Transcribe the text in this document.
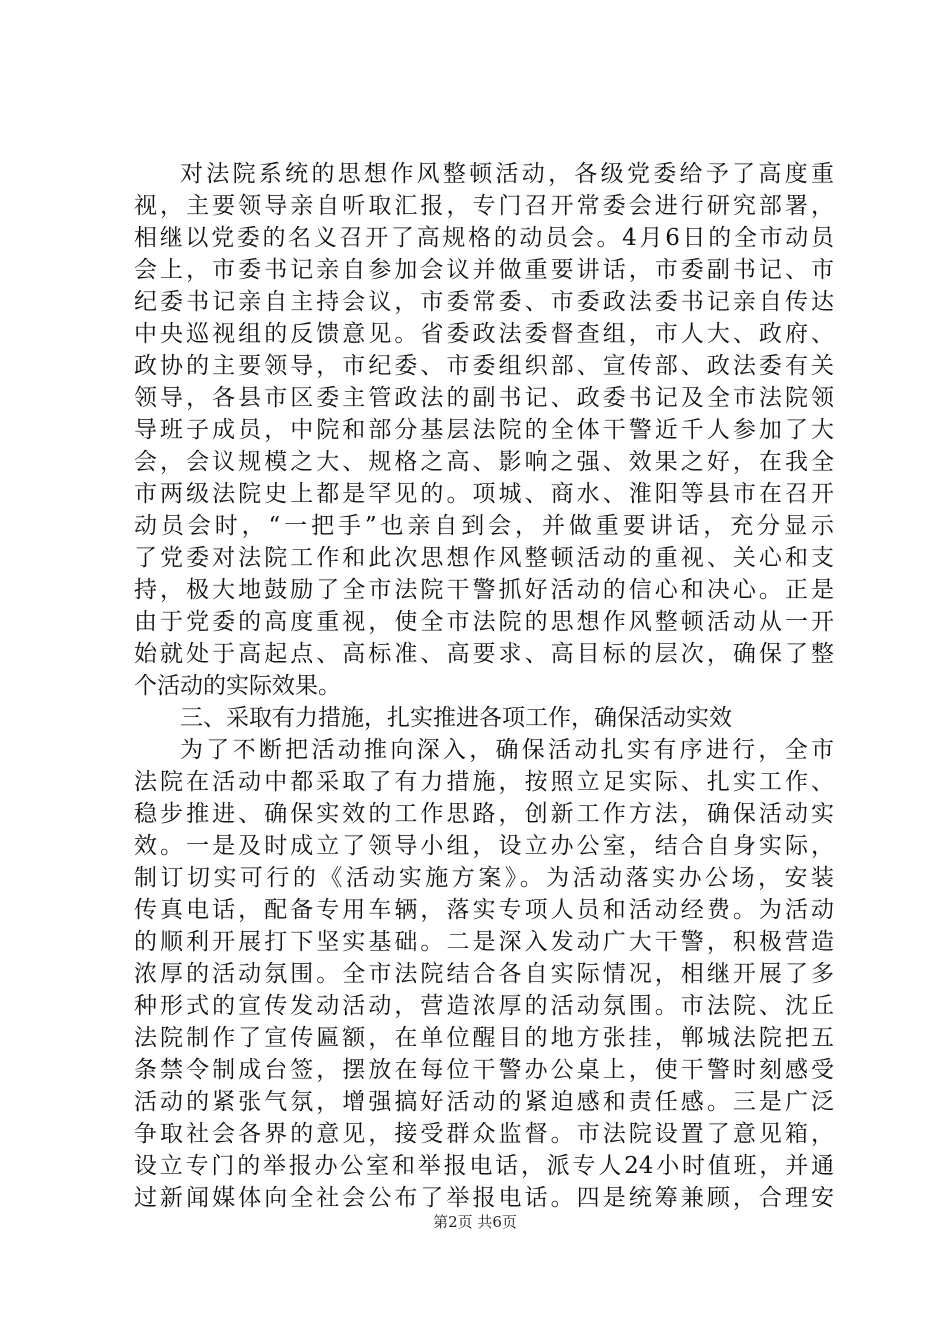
对法院系统的思想作风整顿活动，各级党委给予了高度重
视，主要领导亲自听取汇报，专门召开常委会进行研究部署，
相继以党委的名义召开了高规格的动员会。4月6日的全市动员
会上，市委书记亲自参加会议并做重要讲话，市委副书记、市
纪委书记亲自主持会议，市委常委、市委政法委书记亲自传达
中央巡视组的反馈意见。省委政法委督查组，市人大、政府、
政协的主要领导，市纪委、市委组织部、宣传部、政法委有关
领导，各县市区委主管政法的副书记、政委书记及全市法院领
导班子成员，中院和部分基层法院的全体干警近千人参加了大
会，会议规模之大、规格之高、影响之强、效果之好，在我全
市两级法院史上都是罕见的。项城、商水、淮阳等县市在召开
动员会时，“一把手”也亲自到会，并做重要讲话，充分显示
了党委对法院工作和此次思想作风整顿活动的重视、关心和支
持，极大地鼓励了全市法院干警抓好活动的信心和决心。正是
由于党委的高度重视，使全市法院的思想作风整顿活动从一开
始就处于高起点、高标准、高要求、高目标的层次，确保了整
个活动的实际效果。
三、采取有力措施，扎实推进各项工作，确保活动实效
为了不断把活动推向深入，确保活动扎实有序进行，全市
法院在活动中都采取了有力措施，按照立足实际、扎实工作、
稳步推进、确保实效的工作思路，创新工作方法，确保活动实
效。一是及时成立了领导小组，设立办公室，结合自身实际，
制订切实可行的《活动实施方案》。为活动落实办公场，安装
传真电话，配备专用车辆，落实专项人员和活动经费。为活动
的顺利开展打下坚实基础。二是深入发动广大干警，积极营造
浓厚的活动氛围。全市法院结合各自实际情况，相继开展了多
种形式的宣传发动活动，营造浓厚的活动氛围。市法院、沈丘
法院制作了宣传匾额，在单位醒目的地方张挂，郸城法院把五
条禁令制成台签，摆放在每位干警办公桌上，使干警时刻感受
活动的紧张气氛，增强搞好活动的紧迫感和责任感。三是广泛
争取社会各界的意见，接受群众监督。市法院设置了意见箱，
设立专门的举报办公室和举报电话，派专人24小时值班，并通
过新闻媒体向全社会公布了举报电话。四是统筹兼顾，合理安
第2页 共6页
